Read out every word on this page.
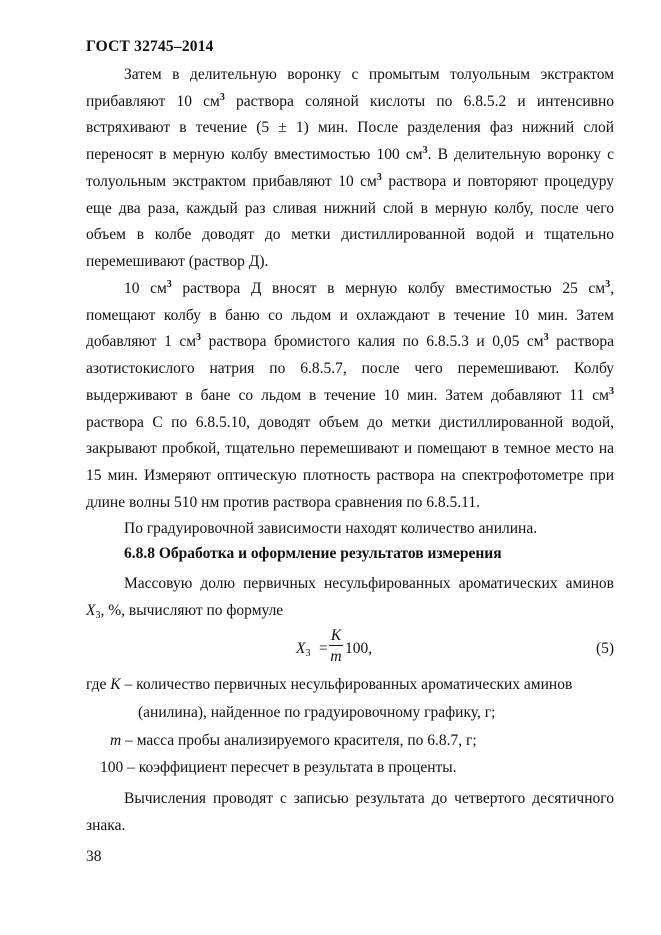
ГОСТ 32745–2014
Затем в делительную воронку с промытым толуольным экстрактом прибавляют 10 $см^3$ раствора соляной кислоты по 6.8.5.2 и интенсивно встряхивают в течение (5 ± 1) мин. После разделения фаз нижний слой переносят в мерную колбу вместимостью 100 $см^3$. В делительную воронку с толуольным экстрактом прибавляют 10 $см^3$ раствора и повторяют процедуру еще два раза, каждый раз сливая нижний слой в мерную колбу, после чего объем в колбе доводят до метки дистиллированной водой и тщательно перемешивают (раствор Д).
10 $см^3$ раствора Д вносят в мерную колбу вместимостью 25 $см^3$, помещают колбу в баню со льдом и охлаждают в течение 10 мин. Затем добавляют 1 $см^3$ раствора бромистого калия по 6.8.5.3 и 0,05 $см^3$ раствора азотистокислого натрия по 6.8.5.7, после чего перемешивают. Колбу выдерживают в бане со льдом в течение 10 мин. Затем добавляют 11 $см^3$ раствора С по 6.8.5.10, доводят объем до метки дистиллированной водой, закрывают пробкой, тщательно перемешивают и помещают в темное место на 15 мин. Измеряют оптическую плотность раствора на спектрофотометре при длине волны 510 нм против раствора сравнения по 6.8.5.11.
По градуировочной зависимости находят количество анилина.
6.8.8 Обработка и оформление результатов измерения
Массовую долю первичных несульфированных ароматических аминов $X_3$, %, вычисляют по формуле
X3 =
K
m 100,	(5)
где K – количество первичных несульфированных ароматических аминов
(анилина), найденное по градуировочному графику, г;
m – масса пробы анализируемого красителя, по 6.8.7, г;
100 – коэффициент пересчет в результата в проценты.
Вычисления проводят с записью результата до четвертого десятичного знака.
38
